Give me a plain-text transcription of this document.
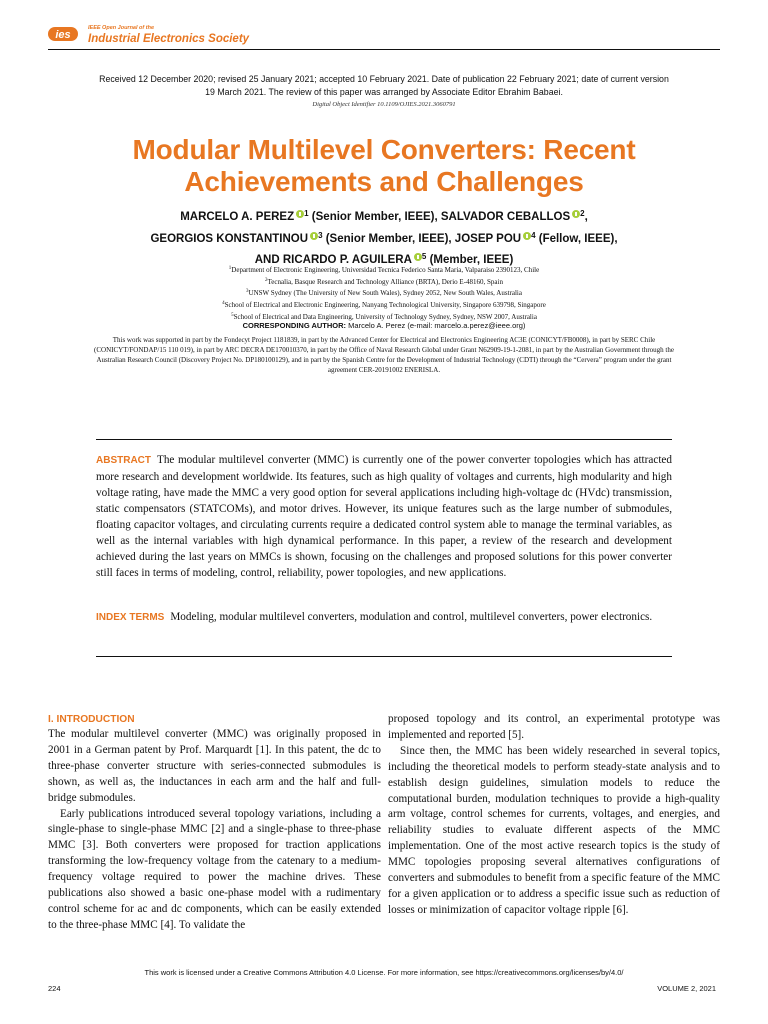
ies
IEEE Open Journal of the
Industrial Electronics Society
Received 12 December 2020; revised 25 January 2021; accepted 10 February 2021. Date of publication 22 February 2021; date of current version 19 March 2021. The review of this paper was arranged by Associate Editor Ebrahim Babaei.
Digital Object Identifier 10.1109/OJIES.2021.3060791
Modular Multilevel Converters: Recent Achievements and Challenges
MARCELO A. PEREZ $^1$ (Senior Member, IEEE), SALVADOR CEBALLOS $^2$,
GEORGIOS KONSTANTINOU $^3$ (Senior Member, IEEE), JOSEP POU $^4$ (Fellow, IEEE),
AND RICARDO P. AGUILERA $^5$ (Member, IEEE)
$^1$Department of Electronic Engineering, Universidad Tecnica Federico Santa Maria, Valparaiso 2390123, Chile
$^2$Tecnalia, Basque Research and Technology Alliance (BRTA), Derio E-48160, Spain
$^3$UNSW Sydney (The University of New South Wales), Sydney 2052, New South Wales, Australia
$^4$School of Electrical and Electronic Engineering, Nanyang Technological University, Singapore 639798, Singapore
$^5$School of Electrical and Data Engineering, University of Technology Sydney, Sydney, NSW 2007, Australia
CORRESPONDING AUTHOR: Marcelo A. Perez (e-mail: marcelo.a.perez@ieee.org)
This work was supported in part by the Fondecyt Project 1181839, in part by the Advanced Center for Electrical and Electronics Engineering AC3E (CONICYT/FB0008), in part by SERC Chile (CONICYT/FONDAP/15 110 019), in part by ARC DECRA DE170010370, in part by the Office of Naval Research Global under Grant N62909-19-1-2081, in part by the Australian Government through the Australian Research Council (Discovery Project No. DP180100129), and in part by the Spanish Centre for the Development of Industrial Technology (CDTI) through the “Cervera” program under the grant agreement CER-20191002 ENERISLA.
ABSTRACT The modular multilevel converter (MMC) is currently one of the power converter topologies which has attracted more research and development worldwide. Its features, such as high quality of voltages and currents, high modularity and high voltage rating, have made the MMC a very good option for several applications including high-voltage dc (HVdc) transmission, static compensators (STATCOMs), and motor drives. However, its unique features such as the large number of submodules, floating capacitor voltages, and circulating currents require a dedicated control system able to manage the terminal variables, as well as the internal variables with high dynamical performance. In this paper, a review of the research and development achieved during the last years on MMCs is shown, focusing on the challenges and proposed solutions for this power converter still faces in terms of modeling, control, reliability, power topologies, and new applications.
INDEX TERMS Modeling, modular multilevel converters, modulation and control, multilevel converters, power electronics.
I. INTRODUCTION

The modular multilevel converter (MMC) was originally proposed in 2001 in a German patent by Prof. Marquardt [1]. In this patent, the dc to three-phase converter structure with series-connected submodules is shown, as well as, the inductances in each arm and the half and full-bridge submodules.

Early publications introduced several topology variations, including a single-phase to single-phase MMC [2] and a single-phase to three-phase MMC [3]. Both converters were proposed for traction applications transforming the low-frequency voltage from the catenary to a medium-frequency voltage required to power the machine drives. These publications also showed a basic one-phase model with a rudimentary control scheme for ac and dc components, which can be easily extended to the three-phase MMC [4]. To validate the

proposed topology and its control, an experimental prototype was implemented and reported [5].

Since then, the MMC has been widely researched in several topics, including the theoretical models to perform steady-state analysis and to establish design guidelines, simulation models to reduce the computational burden, modulation techniques to provide a high-quality arm voltage, control schemes for currents, voltages, and energies, and reliability studies to evaluate different aspects of the MMC implementation. One of the most active research topics is the study of MMC topologies proposing several alternatives configurations of converters and submodules to benefit from a specific feature of the MMC for a given application or to address a specific issue such as reduction of losses or minimization of capacitor voltage ripple [6].

This work is licensed under a Creative Commons Attribution 4.0 License. For more information, see https://creativecommons.org/licenses/by/4.0/
224	VOLUME 2, 2021
